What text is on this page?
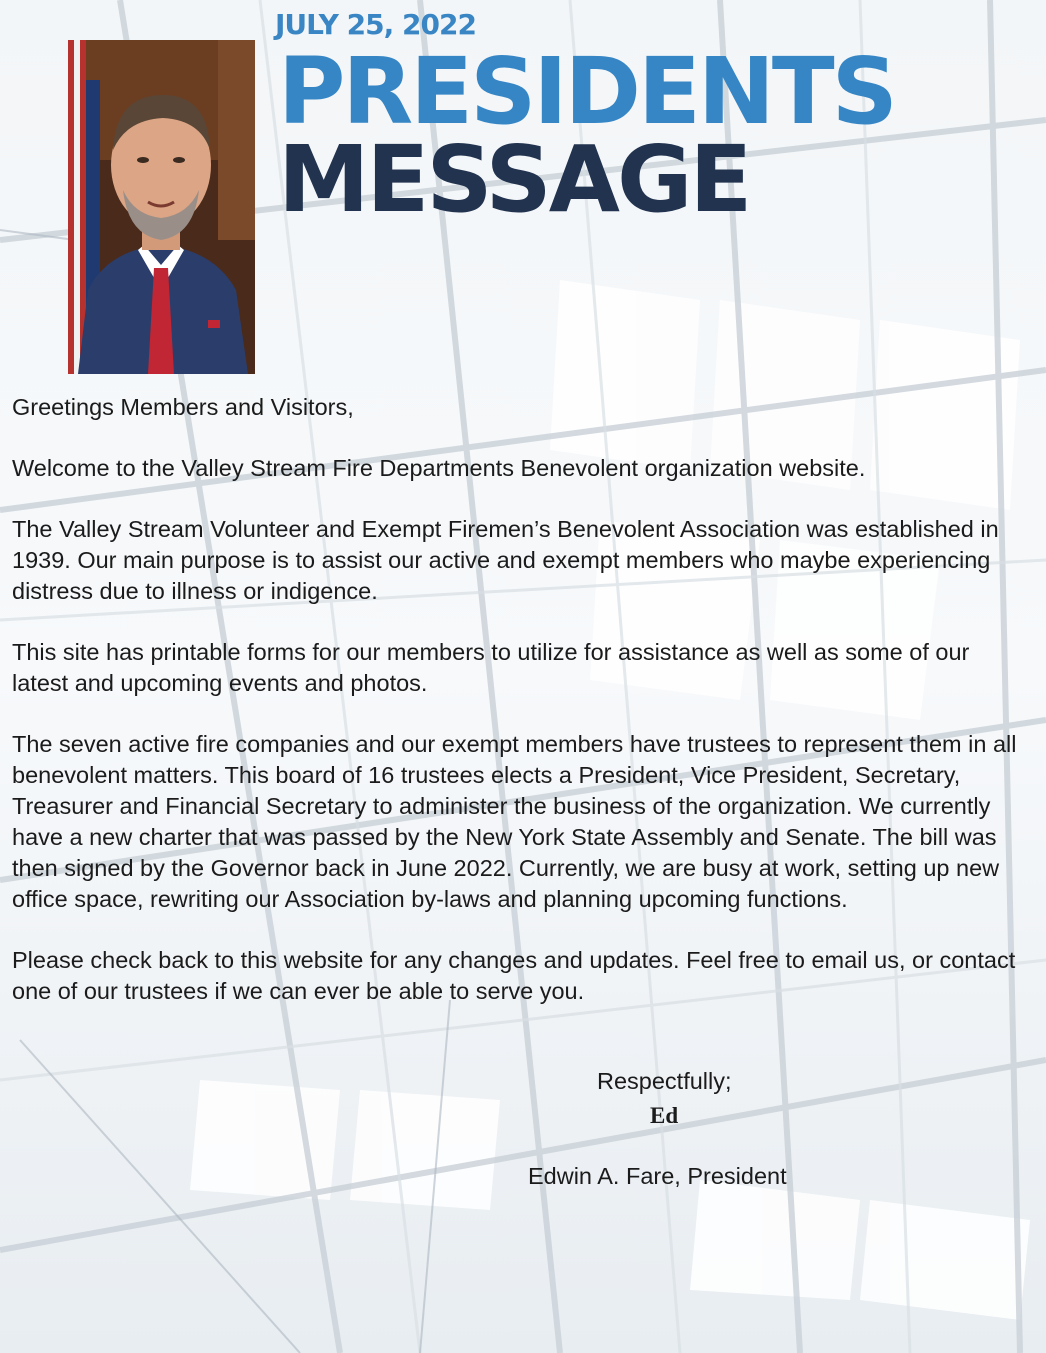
JULY 25, 2022
PRESIDENTS
MESSAGE

Greetings Members and Visitors,

Welcome to the Valley Stream Fire Departments Benevolent organization website.

The Valley Stream Volunteer and Exempt Firemen’s Benevolent Association was established in 1939. Our main purpose is to assist our active and exempt members who maybe experiencing distress due to illness or indigence.

This site has printable forms for our members to utilize for assistance as well as some of our latest and upcoming events and photos.

The seven active fire companies and our exempt members have trustees to represent them in all benevolent matters. This board of 16 trustees elects a President, Vice President, Secretary, Treasurer and Financial Secretary to administer the business of the organization. We currently have a new charter that was passed by the New York State Assembly and Senate. The bill was then signed by the Governor back in June 2022. Currently, we are busy at work, setting up new office space, rewriting our Association by-laws and planning upcoming functions.

Please check back to this website for any changes and updates. Feel free to email us, or contact one of our trustees if we can ever be able to serve you.

Respectfully;
Ed
Edwin A. Fare, President
